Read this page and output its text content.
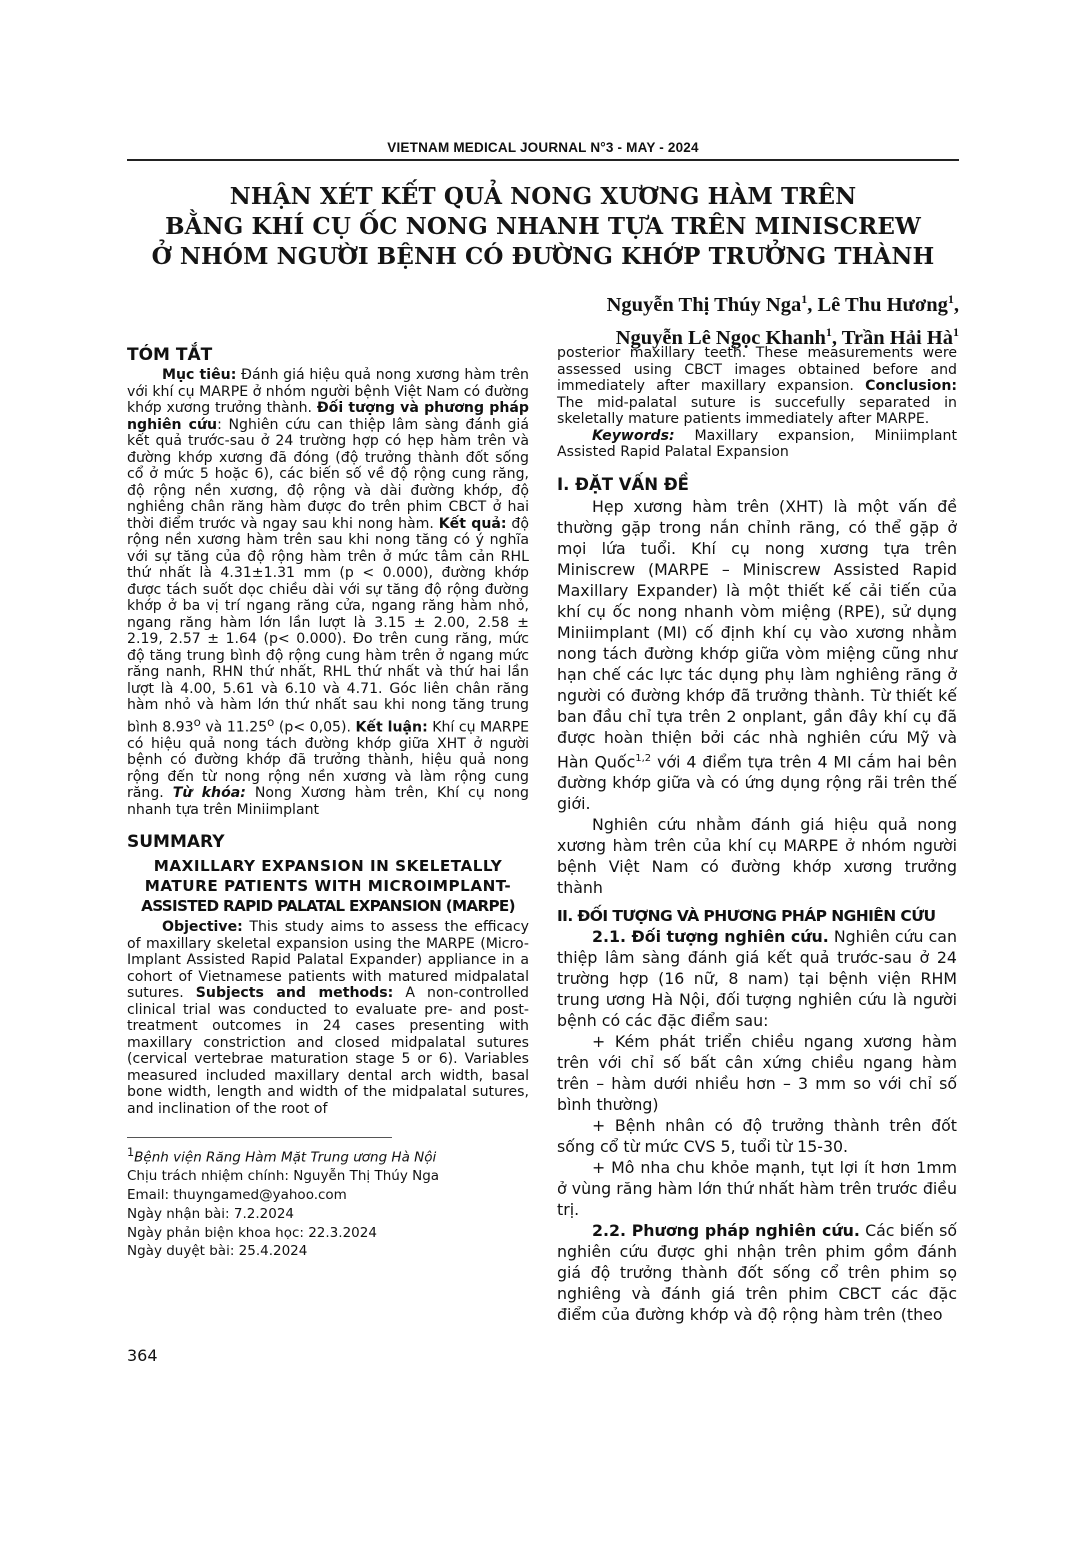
VIETNAM MEDICAL JOURNAL N°3 - MAY - 2024
NHẬN XÉT KẾT QUẢ NONG XƯƠNG HÀM TRÊN
BẰNG KHÍ CỤ ỐC NONG NHANH TỰA TRÊN MINISCREW
Ở NHÓM NGƯỜI BỆNH CÓ ĐƯỜNG KHỚP TRƯỞNG THÀNH
Nguyễn Thị Thúy Nga$^1$, Lê Thu Hương$^1$,
Nguyễn Lê Ngọc Khanh$^1$, Trần Hải $Hà^1$
TÓM TẮT

Mục tiêu: Đánh giá hiệu quả nong xương hàm trên với khí cụ MARPE ở nhóm người bệnh Việt Nam có đường khớp xương trưởng thành. Đối tượng và phương pháp nghiên cứu: Nghiên cứu can thiệp lâm sàng đánh giá kết quả trước-sau ở 24 trường hợp có hẹp hàm trên và đường khớp xương đã đóng (độ trưởng thành đốt sống cổ ở mức 5 hoặc 6), các biến số về độ rộng cung răng, độ rộng nền xương, độ rộng và dài đường khớp, độ nghiêng chân răng hàm được đo trên phim CBCT ở hai thời điểm trước và ngay sau khi nong hàm. Kết quả: độ rộng nền xương hàm trên sau khi nong tăng có ý nghĩa với sự tăng của độ rộng hàm trên ở mức tâm cản RHL thứ nhất là 4.31±1.31 mm (p < 0.000), đường khớp được tách suốt dọc chiều dài với sự tăng độ rộng đường khớp ở ba vị trí ngang răng cửa, ngang răng hàm nhỏ, ngang răng hàm lớn lần lượt là 3.15 ± 2.00, 2.58 ± 2.19, 2.57 ± 1.64 (p< 0.000). Đo trên cung răng, mức độ tăng trung bình độ rộng cung hàm trên ở ngang mức răng nanh, RHN thứ nhất, RHL thứ nhất và thứ hai lần lượt là 4.00, 5.61 và 6.10 và 4.71. Góc liên chân răng hàm nhỏ và hàm lớn thứ nhất sau khi nong tăng trung bình 8.93$^o$ và 11.25$^o$ (p< 0,05). Kết luận: Khí cụ MARPE có hiệu quả nong tách đường khớp giữa XHT ở người bệnh có đường khớp đã trưởng thành, hiệu quả nong rộng đến từ nong rộng nền xương và làm rộng cung răng. Từ khóa: Nong Xương hàm trên, Khí cụ nong nhanh tựa trên Miniimplant

SUMMARY
MAXILLARY EXPANSION IN SKELETALLY MATURE PATIENTS WITH MICROIMPLANT-
ASSISTED RAPID PALATAL EXPANSION (MARPE)

Objective: This study aims to assess the efficacy of maxillary skeletal expansion using the MARPE (Micro-Implant Assisted Rapid Palatal Expander) appliance in a cohort of Vietnamese patients with matured midpalatal sutures. Subjects and methods: A non-controlled clinical trial was conducted to evaluate pre- and post-treatment outcomes in 24 cases presenting with maxillary constriction and closed midpalatal sutures (cervical vertebrae maturation stage 5 or 6). Variables measured included maxillary dental arch width, basal bone width, length and width of the midpalatal sutures, and inclination of the root of

$^1$Bệnh viện Răng Hàm Mặt Trung ương Hà Nội
Chịu trách nhiệm chính: Nguyễn Thị Thúy Nga
Email: thuyngamed@yahoo.com
Ngày nhận bài: 7.2.2024
Ngày phản biện khoa học: 22.3.2024
Ngày duyệt bài: 25.4.2024

posterior maxillary teeth. These measurements were assessed using CBCT images obtained before and immediately after maxillary expansion. Conclusion: The mid-palatal suture is succefully separated in skeletally mature patients immediately after MARPE.

Keywords: Maxillary expansion, Miniimplant Assisted Rapid Palatal Expansion

I. ĐẶT VẤN ĐỀ

Hẹp xương hàm trên (XHT) là một vấn đề thường gặp trong nắn chỉnh răng, có thể gặp ở mọi lứa tuổi. Khí cụ nong xương tựa trên Miniscrew (MARPE – Miniscrew Assisted Rapid Maxillary Expander) là một thiết kế cải tiến của khí cụ ốc nong nhanh vòm miệng (RPE), sử dụng Miniimplant (MI) cố định khí cụ vào xương nhằm nong tách đường khớp giữa vòm miệng cũng như hạn chế các lực tác dụng phụ làm nghiêng răng ở người có đường khớp đã trưởng thành. Từ thiết kế ban đầu chỉ tựa trên 2 onplant, gần đây khí cụ đã được hoàn thiện bởi các nhà nghiên cứu Mỹ và Hàn Quốc$^{1,2}$ với 4 điểm tựa trên 4 MI cắm hai bên đường khớp giữa và có ứng dụng rộng rãi trên thế giới.

Nghiên cứu nhằm đánh giá hiệu quả nong xương hàm trên của khí cụ MARPE ở nhóm người bệnh Việt Nam có đường khớp xương trưởng thành

II. ĐỐI TƯỢNG VÀ PHƯƠNG PHÁP NGHIÊN CỨU

2.1. Đối tượng nghiên cứu. Nghiên cứu can thiệp lâm sàng đánh giá kết quả trước-sau ở 24 trường hợp (16 nữ, 8 nam) tại bệnh viện RHM trung ương Hà Nội, đối tượng nghiên cứu là người bệnh có các đặc điểm sau:

+ Kém phát triển chiều ngang xương hàm trên với chỉ số bất cân xứng chiều ngang hàm trên – hàm dưới nhiều hơn – 3 mm so với chỉ số bình thường)

+ Bệnh nhân có độ trưởng thành trên đốt sống cổ từ mức CVS 5, tuổi từ 15-30.

+ Mô nha chu khỏe mạnh, tụt lợi ít hơn 1mm ở vùng răng hàm lớn thứ nhất hàm trên trước điều trị.

2.2. Phương pháp nghiên cứu. Các biến số nghiên cứu được ghi nhận trên phim gồm đánh giá độ trưởng thành đốt sống cổ trên phim sọ nghiêng và đánh giá trên phim CBCT các đặc điểm của đường khớp và độ rộng hàm trên (theo

364
